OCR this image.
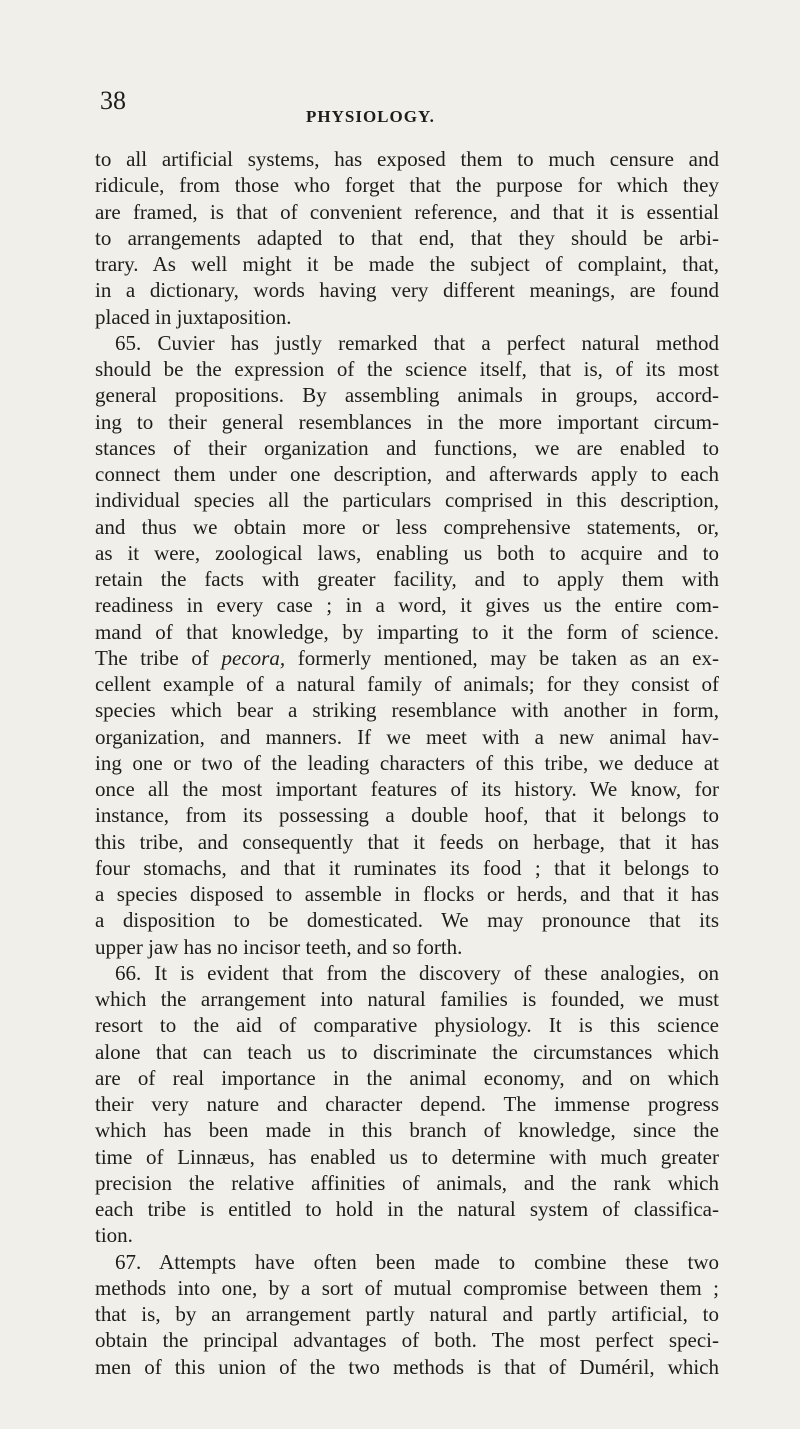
38
PHYSIOLOGY.
to all artificial systems, has exposed them to much censure and
ridicule, from those who forget that the purpose for which they
are framed, is that of convenient reference, and that it is essential
to arrangements adapted to that end, that they should be arbi-
trary. As well might it be made the subject of complaint, that,
in a dictionary, words having very different meanings, are found
placed in juxtaposition.
65. Cuvier has justly remarked that a perfect natural method
should be the expression of the science itself, that is, of its most
general propositions. By assembling animals in groups, accord-
ing to their general resemblances in the more important circum-
stances of their organization and functions, we are enabled to
connect them under one description, and afterwards apply to each
individual species all the particulars comprised in this description,
and thus we obtain more or less comprehensive statements, or,
as it were, zoological laws, enabling us both to acquire and to
retain the facts with greater facility, and to apply them with
readiness in every case ; in a word, it gives us the entire com-
mand of that knowledge, by imparting to it the form of science.
The tribe of pecora, formerly mentioned, may be taken as an ex-
cellent example of a natural family of animals; for they consist of
species which bear a striking resemblance with another in form,
organization, and manners. If we meet with a new animal hav-
ing one or two of the leading characters of this tribe, we deduce at
once all the most important features of its history. We know, for
instance, from its possessing a double hoof, that it belongs to
this tribe, and consequently that it feeds on herbage, that it has
four stomachs, and that it ruminates its food ; that it belongs to
a species disposed to assemble in flocks or herds, and that it has
a disposition to be domesticated. We may pronounce that its
upper jaw has no incisor teeth, and so forth.
66. It is evident that from the discovery of these analogies, on
which the arrangement into natural families is founded, we must
resort to the aid of comparative physiology. It is this science
alone that can teach us to discriminate the circumstances which
are of real importance in the animal economy, and on which
their very nature and character depend. The immense progress
which has been made in this branch of knowledge, since the
time of Linnæus, has enabled us to determine with much greater
precision the relative affinities of animals, and the rank which
each tribe is entitled to hold in the natural system of classifica-
tion.
67. Attempts have often been made to combine these two
methods into one, by a sort of mutual compromise between them ;
that is, by an arrangement partly natural and partly artificial, to
obtain the principal advantages of both. The most perfect speci-
men of this union of the two methods is that of Duméril, which
